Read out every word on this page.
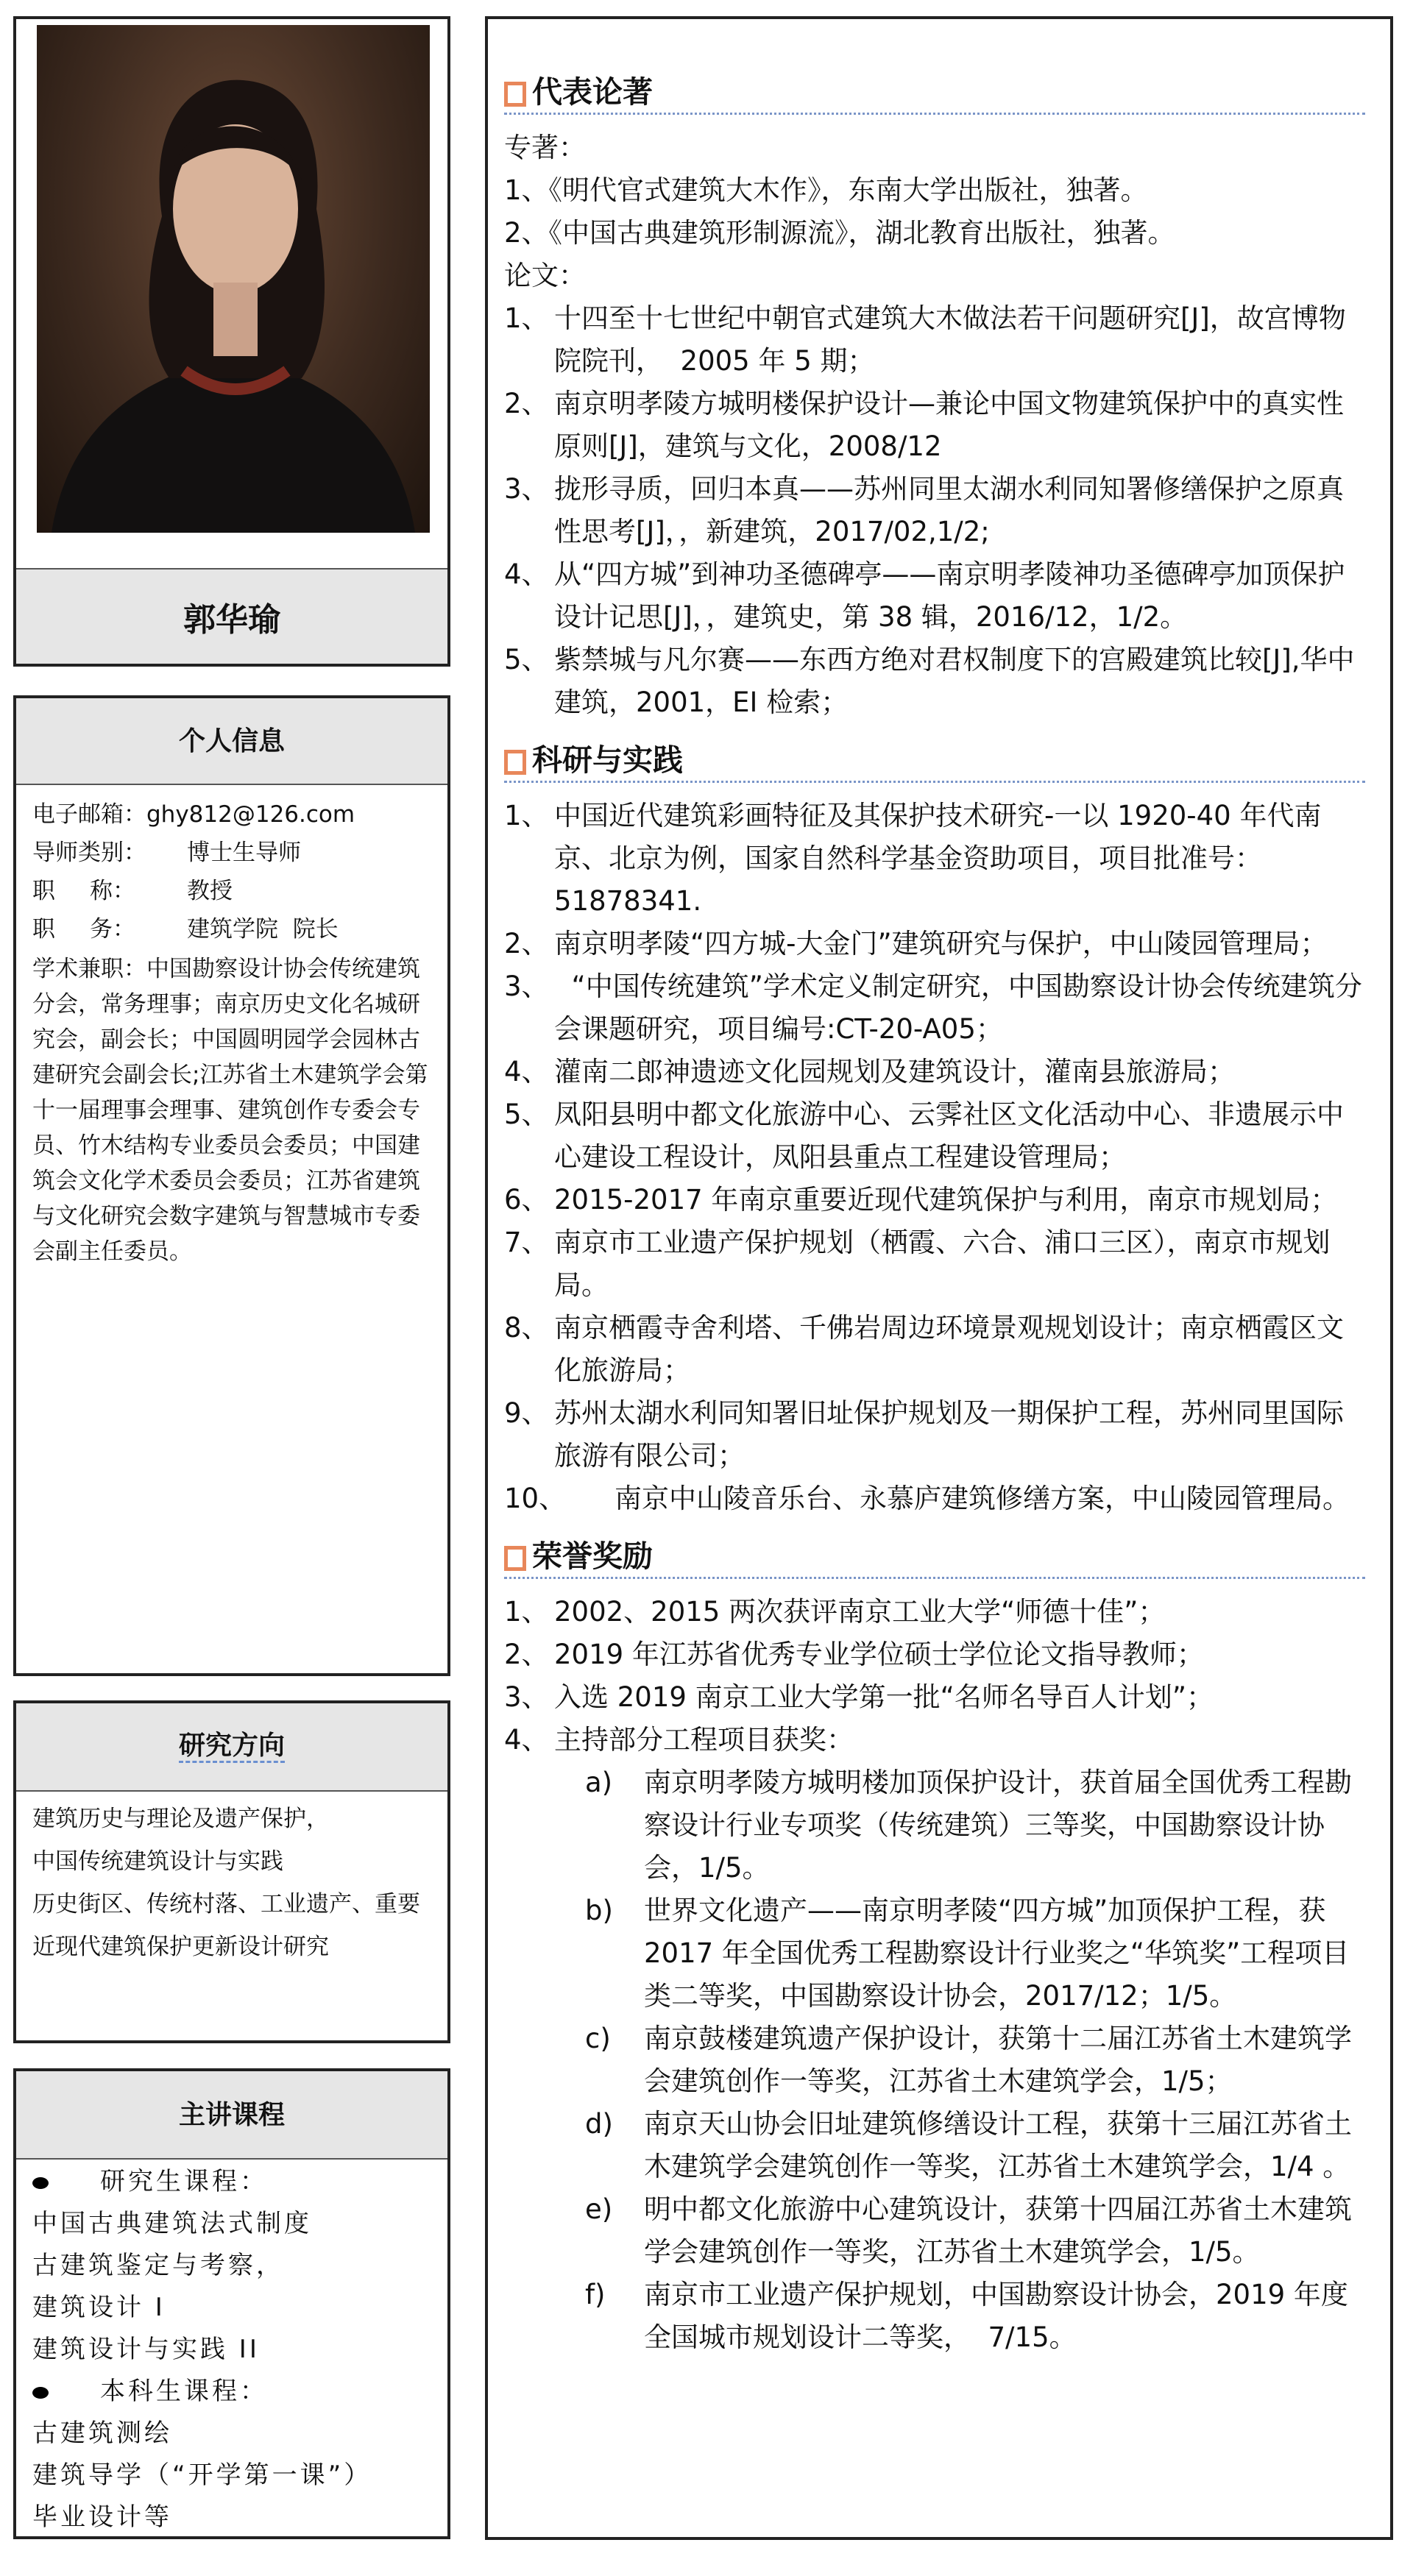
郭华瑜
个人信息
电子邮箱： ghy812@126.com
导师类别：	博士生导师
职 称： 教授
职 务： 建筑学院  院长
学术兼职：中国勘察设计协会传统建筑分会，常务理事；南京历史文化名城研究会，副会长；中国圆明园学会园林古建研究会副会长;江苏省土木建筑学会第十一届理事会理事、建筑创作专委会专员、竹木结构专业委员会委员；中国建筑会文化学术委员会委员；江苏省建筑与文化研究会数字建筑与智慧城市专委会副主任委员。
研究方向
建筑历史与理论及遗产保护，
中国传统建筑设计与实践
历史街区、传统村落、工业遗产、重要近现代建筑保护更新设计研究
主讲课程
研究生课程：
中国古典建筑法式制度
古建筑鉴定与考察，
建筑设计 I
建筑设计与实践 II
本科生课程：
古建筑测绘
建筑导学（“开学第一课”）
毕业设计等
代表论著
专著：
1、《明代官式建筑大木作》，东南大学出版社，独著。
2、《中国古典建筑形制源流》，湖北教育出版社，独著。
论文：
1、 十四至十七世纪中朝官式建筑大木做法若干问题研究[J]，故宫博物院院刊，  2005 年 5 期；
2、 南京明孝陵方城明楼保护设计—兼论中国文物建筑保护中的真实性原则[J]，建筑与文化，2008/12
3、 拢形寻质，回归本真——苏州同里太湖水利同知署修缮保护之原真性思考[J]，，新建筑，2017/02,1/2;
4、 从“四方城”到神功圣德碑亭——南京明孝陵神功圣德碑亭加顶保护设计记思[J]，，建筑史，第 38 辑，2016/12，1/2。
5、 紫禁城与凡尔赛——东西方绝对君权制度下的宫殿建筑比较[J],华中建筑，2001，EI 检索；
科研与实践
1、 中国近代建筑彩画特征及其保护技术研究-一以 1920-40 年代南京、北京为例，国家自然科学基金资助项目，项目批准号：51878341.
2、 南京明孝陵“四方城-大金门”建筑研究与保护，中山陵园管理局；
3、 “中国传统建筑”学术定义制定研究，中国勘察设计协会传统建筑分会课题研究，项目编号:CT-20-A05；
4、 灌南二郎神遗迹文化园规划及建筑设计，灌南县旅游局；
5、 凤阳县明中都文化旅游中心、云霁社区文化活动中心、非遗展示中心建设工程设计，凤阳县重点工程建设管理局；
6、 2015-2017 年南京重要近现代建筑保护与利用，南京市规划局；
7、 南京市工业遗产保护规划（栖霞、六合、浦口三区），南京市规划局。
8、 南京栖霞寺舍利塔、千佛岩周边环境景观规划设计；南京栖霞区文化旅游局；
9、 苏州太湖水利同知署旧址保护规划及一期保护工程，苏州同里国际旅游有限公司；
10、	南京中山陵音乐台、永慕庐建筑修缮方案，中山陵园管理局。
荣誉奖励
1、 2002、2015 两次获评南京工业大学“师德十佳”；
2、 2019 年江苏省优秀专业学位硕士学位论文指导教师；
3、 入选 2019 南京工业大学第一批“名师名导百人计划”；
4、 主持部分工程项目获奖：
a)	南京明孝陵方城明楼加顶保护设计，获首届全国优秀工程勘察设计行业专项奖（传统建筑）三等奖，中国勘察设计协会，1/5。
b)	世界文化遗产——南京明孝陵“四方城”加顶保护工程，获 2017 年全国优秀工程勘察设计行业奖之“华筑奖”工程项目类二等奖，中国勘察设计协会，2017/12；1/5。
c)	南京鼓楼建筑遗产保护设计，获第十二届江苏省土木建筑学会建筑创作一等奖，江苏省土木建筑学会，1/5；
d)	南京天山协会旧址建筑修缮设计工程，获第十三届江苏省土木建筑学会建筑创作一等奖，江苏省土木建筑学会，1/4 。
e)	明中都文化旅游中心建筑设计，获第十四届江苏省土木建筑学会建筑创作一等奖，江苏省土木建筑学会，1/5。
f)	南京市工业遗产保护规划，中国勘察设计协会，2019 年度全国城市规划设计二等奖，  7/15。
